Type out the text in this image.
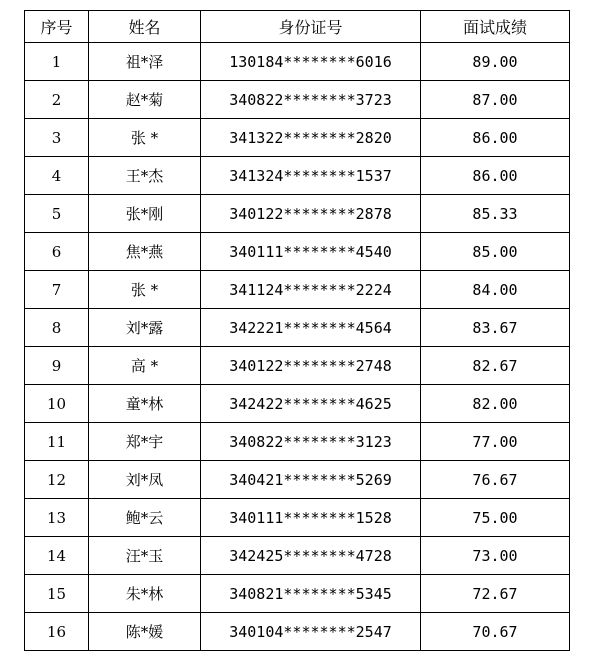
序号	姓名	身份证号	面试成绩
1	祖*泽	130184********6016	89.00
2	赵*菊	340822********3723	87.00
3	张 *	341322********2820	86.00
4	王*杰	341324********1537	86.00
5	张*刚	340122********2878	85.33
6	焦*燕	340111********4540	85.00
7	张 *	341124********2224	84.00
8	刘*露	342221********4564	83.67
9	高 *	340122********2748	82.67
10	童*林	342422********4625	82.00
11	郑*宇	340822********3123	77.00
12	刘*凤	340421********5269	76.67
13	鲍*云	340111********1528	75.00
14	汪*玉	342425********4728	73.00
15	朱*林	340821********5345	72.67
16	陈*媛	340104********2547	70.67
